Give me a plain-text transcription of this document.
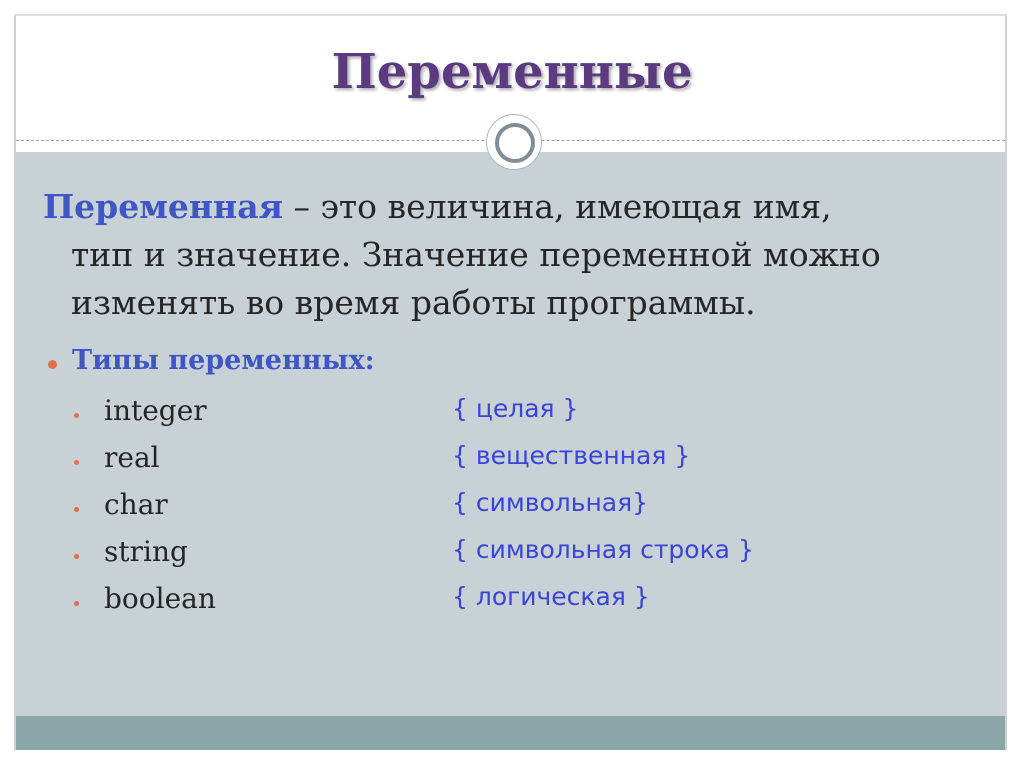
Переменные
Переменная – это величина, имеющая имя,
тип и значение. Значение переменной можно
изменять во время работы программы.
Типы переменных:
integer	{ целая }
real	{ вещественная }
char	{ символьная}
string	{ символьная строка }
boolean	{ логическая }
